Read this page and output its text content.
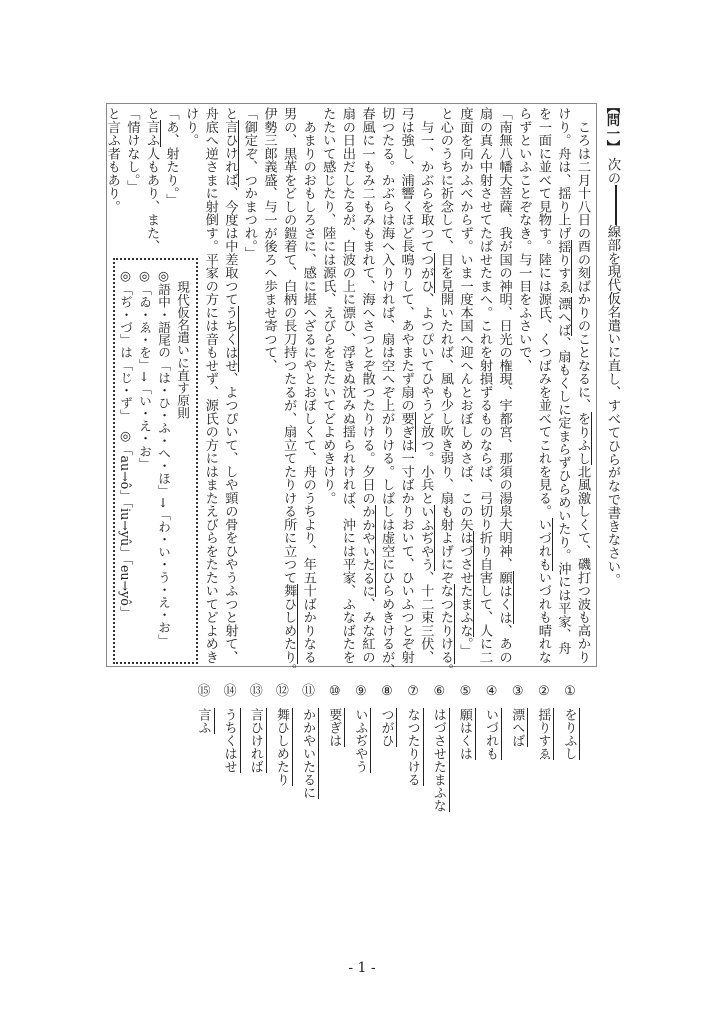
【問一】 次の線部を現代仮名遣いに直し、すべてひらがなで書きなさい。
　ころは二月十八日の酉の刻ばかりのことなるに、をりふし北風激しくて、磯打つ波も高かり
けり。舟は、揺り上げ揺りすゑ 漂へば、扇もくしに定まらずひらめいたり。沖には平家、舟
を一面に並べて見物す。陸には源氏、くつばみを並べてこれを見る。いづれもいづれも晴れな
らずといふことぞなき。与一目をふさいで、
「南無八幡大菩薩、我が国の神明、日光の権現、宇都宮、那須の湯泉大明神、願はくは、あの
扇の真ん中射させてたばせたまへ。これを射損ずるものならば、弓切り折り自害して、人に二
度面を向かふべからず。いま一度本国へ迎へんとおぼしめさば、この矢はづさせたまふな。」
と心のうちに祈念して、目を見開いたれば、風も少し吹き弱り、扇も射よげにぞなつたりける。
　与一、かぶらを取つてつがひ、よつぴいてひやうど放つ。小兵といふぢやう、十二束三伏、
弓は強し、浦響くほど長鳴りして、あやまたず扇の要ぎは一寸ばかりおいて、ひいふつとぞ射
切つたる。かぶらは海へ入りければ、扇は空へぞ上がりける。しばしは虚空にひらめきけるが、
春風に一もみ二もみもまれて、海へさつとぞ散つたりける。夕日のかかやいたるに、みな紅の
扇の日出だしたるが、白波の上に漂ひ、浮きぬ沈みぬ揺られければ、沖には平家、ふなばたを
たたいて感じたり、陸には源氏、えびらをたたいてどよめきけり。
　あまりのおもしろさに、感に堪へざるにやとおぼしくて、舟のうちより、年五十ばかりなる
男の、黒革をどしの鎧着て、白柄の長刀持つたるが、扇立てたりける所に立つて舞ひしめたり。
伊勢三郎義盛、与一が後ろへ歩ませ寄つて、
「御定ぞ、つかまつれ。」
と言ひければ、今度は中差取つてうちくはせ、よつぴいて、しや頸の骨をひやうふつと射て、
舟底へ逆さまに射倒す。平家の方には音もせず、源氏の方にはまたえびらをたたいてどよめき
けり。
「あ、射たり。」
と言ふ人もあり、また、
「情けなし。」
と言ふ者もあり。
　現代仮名遣いに直す原則
◎語中・語尾の「は・ひ・ふ・へ・ほ」→「わ・い・う・え・お」
◎「ゐ・ゑ・を」→「い・え・お」
◎「ぢ・づ」は「じ・ず」　◎「au→ô」「iu→yû」「eu→yô」
①
をりふし
②
揺りすゑ
③
漂へば
④
いづれも
⑤
願はくは
⑥
はづさせたまふな
⑦
なつたりける
⑧
つがひ
⑨
いふぢやう
⑩
要ぎは
⑪
かかやいたるに
⑫
舞ひしめたり
⑬
言ひければ
⑭
うちくはせ
⑮
言ふ
- 1 -
